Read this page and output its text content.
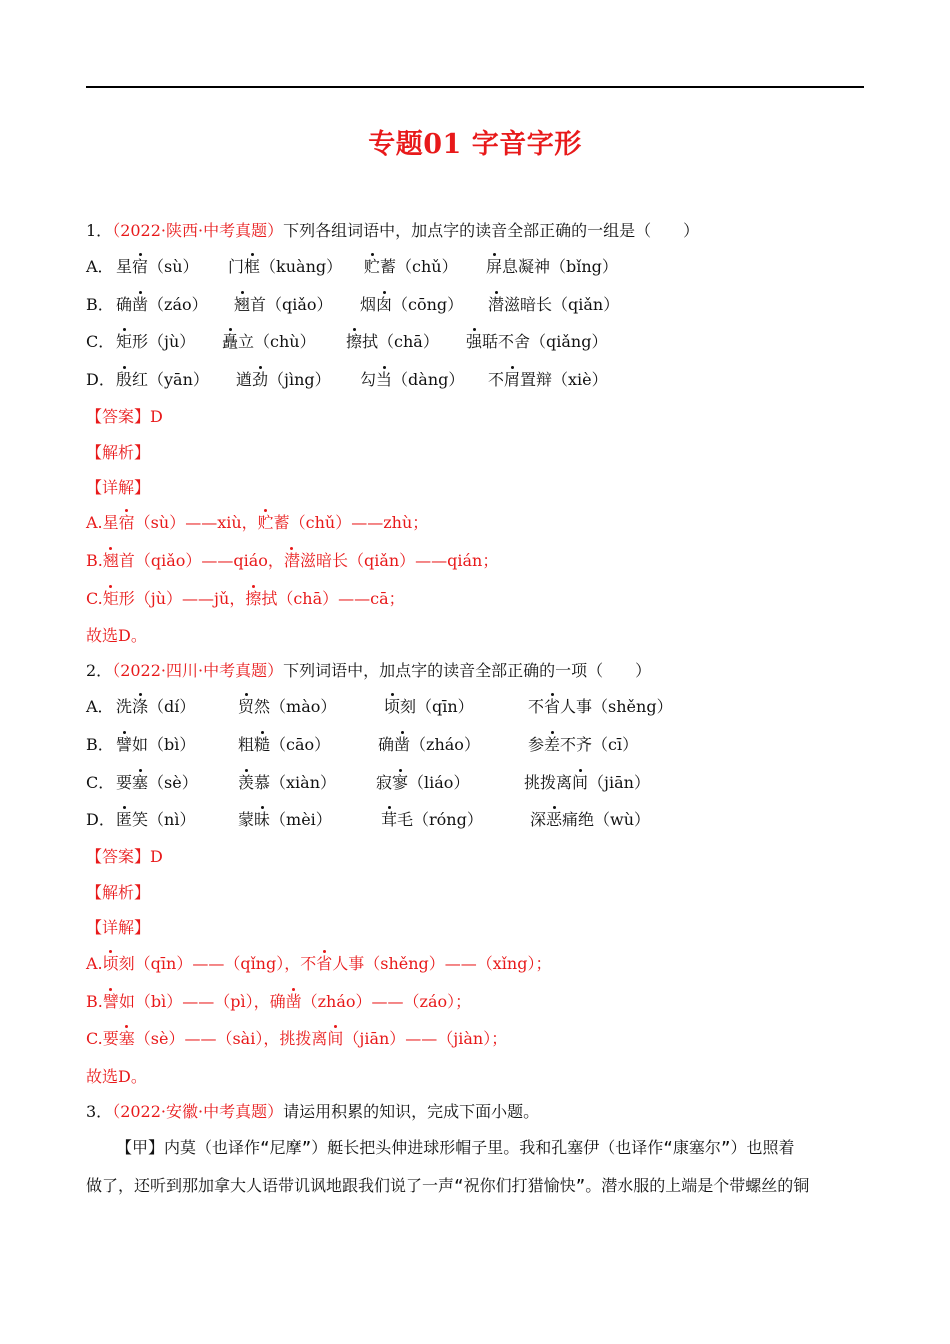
专题01 字音字形
1．（2022·陕西·中考真题）下列各组词语中，加点字的读音全部正确的一组是（　　）
A． 星宿（sù） 门框（kuàng） 贮蓄（chǔ） 屏息凝神（bǐng）
B． 确凿（záo） 翘首（qiǎo） 烟囱（cōng） 潜滋暗长（qiǎn）
C． 矩形（jù） 矗立（chù） 擦拭（chā） 强聒不舍（qiǎng）
D． 殷红（yān） 遒劲（jìng） 勾当（dàng） 不屑置辩（xiè）
【答案】D
【解析】
【详解】
A.星宿（sù）——xiù，贮蓄（chǔ）——zhù；
B.翘首（qiǎo）——qiáo，潜滋暗长（qiǎn）——qián；
C.矩形（jù）——jǔ，擦拭（chā）——cā；
故选D。
2．（2022·四川·中考真题）下列词语中，加点字的读音全部正确的一项（　　）
A． 洗涤（dí）	贸然（mào）	顷刻（qīn）	不省人事（shěng）
B． 譬如（bì）	粗糙（cāo）	确凿（zháo）	参差不齐（cī）
C． 要塞（sè）	羡慕（xiàn） 寂寥（liáo）	挑拨离间（jiān）
D． 匿笑（nì）	蒙昧（mèi）	茸毛（róng）	深恶痛绝（wù）
【答案】D
【解析】
【详解】
A.顷刻（qīn）——（qǐng），不省人事（shěng）——（xǐng）；
B.譬如（bì）——（pì），确凿（zháo）——（záo）；
C.要塞（sè）——（sài），挑拨离间（jiān）——（jiàn）；
故选D。
3．（2022·安徽·中考真题）请运用积累的知识，完成下面小题。
【甲】内莫（也译作“尼摩”）艇长把头伸进球形帽子里。我和孔塞伊（也译作“康塞尔”）也照着
做了，还听到那加拿大人语带讥讽地跟我们说了一声“祝你们打猎愉快”。潜水服的上端是个带螺丝的铜
